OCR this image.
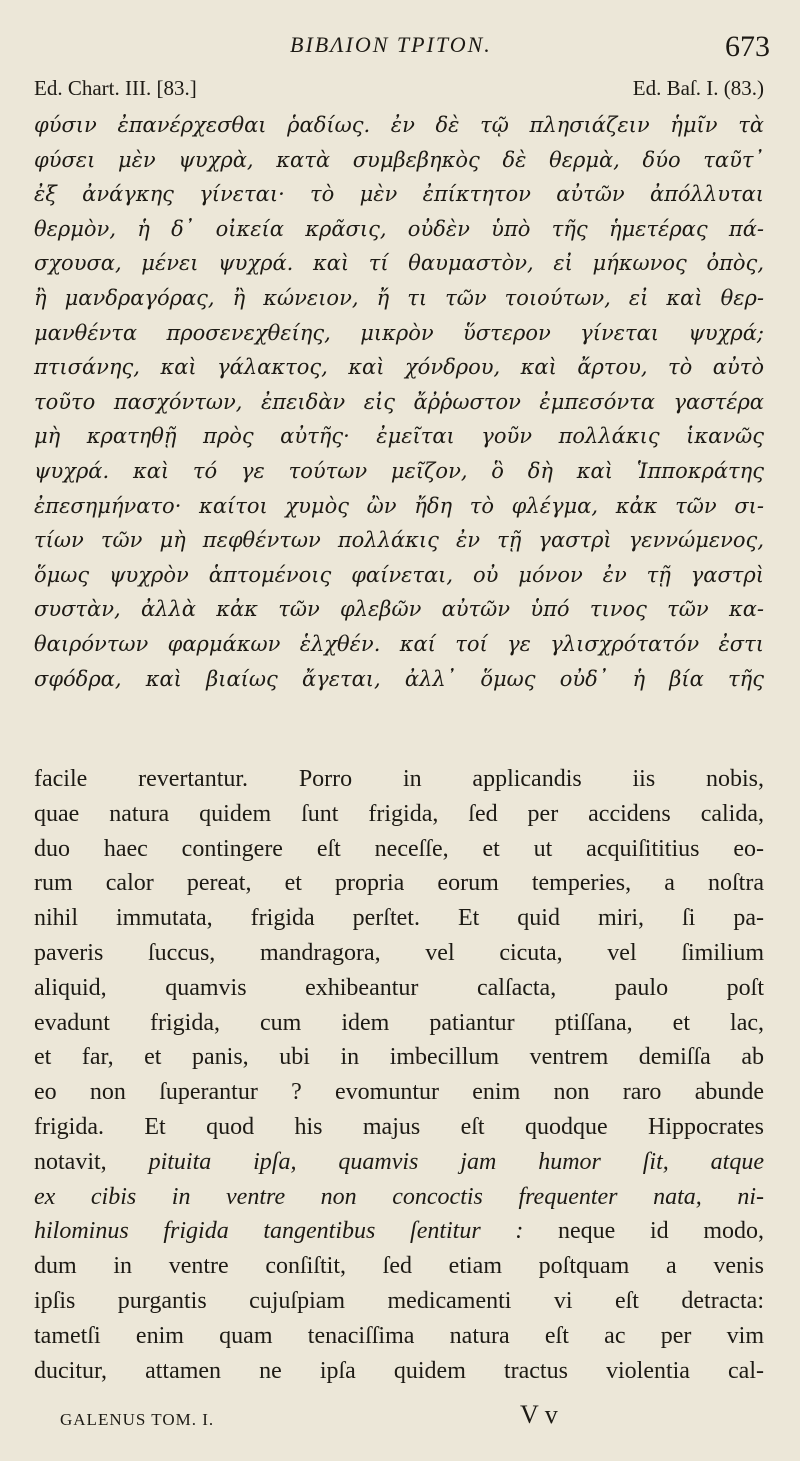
ΒΙΒΛΙΟΝ ΤΡΙΤΟΝ.	673
Ed. Chart. III. [83.]	Ed. Baſ. I. (83.)
φύσιν ἐπανέρχεσθαι ῥαδίως. ἐν δὲ τῷ πλησιάζειν ἡμῖν τὰ
φύσει μὲν ψυχρὰ, κατὰ συμβεβηκὸς δὲ θερμὰ, δύο ταῦτ᾽
ἐξ ἀνάγκης γίνεται· τὸ μὲν ἐπίκτητον αὐτῶν ἀπόλλυται
θερμὸν, ἡ δ᾽ οἰκεία κρᾶσις, οὐδὲν ὑπὸ τῆς ἡμετέρας πά-
σχουσα, μένει ψυχρά. καὶ τί θαυμαστὸν, εἰ μήκωνος ὀπὸς,
ἢ μανδραγόρας, ἢ κώνειον, ἤ τι τῶν τοιούτων, εἰ καὶ θερ-
μανθέντα προσενεχθείης, μικρὸν ὕστερον γίνεται ψυχρά;
πτισάνης, καὶ γάλακτος, καὶ χόνδρου, καὶ ἄρτου, τὸ αὐτὸ
τοῦτο πασχόντων, ἐπειδὰν εἰς ἄῤῥωστον ἐμπεσόντα γαστέρα
μὴ κρατηθῇ πρὸς αὐτῆς· ἐμεῖται γοῦν πολλάκις ἱκανῶς
ψυχρά. καὶ τό γε τούτων μεῖζον, ὃ δὴ καὶ Ἱπποκράτης
ἐπεσημήνατο· καίτοι χυμὸς ὢν ἤδη τὸ φλέγμα, κἀκ τῶν σι-
τίων τῶν μὴ πεφθέντων πολλάκις ἐν τῇ γαστρὶ γεννώμενος,
ὅμως ψυχρὸν ἁπτομένοις φαίνεται, οὐ μόνον ἐν τῇ γαστρὶ
συστὰν, ἀλλὰ κἀκ τῶν φλεβῶν αὐτῶν ὑπό τινος τῶν κα-
θαιρόντων φαρμάκων ἑλχθέν. καί τοί γε γλισχρότατόν ἐστι
σφόδρα, καὶ βιαίως ἄγεται, ἀλλ᾽ ὅμως οὐδ᾽ ἡ βία τῆς
facile revertantur. Porro in applicandis iis nobis,
quae natura quidem ſunt frigida, ſed per accidens calida,
duo haec contingere eſt neceſſe, et ut acquiſititius eo-
rum calor pereat, et propria eorum temperies, a noſtra
nihil immutata, frigida perſtet. Et quid miri, ſi pa-
paveris ſuccus, mandragora, vel cicuta, vel ſimilium
aliquid, quamvis exhibeantur calſacta, paulo poſt
evadunt frigida, cum idem patiantur ptiſſana, et lac,
et far, et panis, ubi in imbecillum ventrem demiſſa ab
eo non ſuperantur ? evomuntur enim non raro abunde
frigida. Et quod his majus eſt quodque Hippocrates
notavit, pituita ipſa, quamvis jam humor ſit, atque
ex cibis in ventre non concoctis frequenter nata, ni-
hilominus frigida tangentibus ſentitur : neque id modo,
dum in ventre conſiſtit, ſed etiam poſtquam a venis
ipſis purgantis cujuſpiam medicamenti vi eſt detracta:
tametſi enim quam tenaciſſima natura eſt ac per vim
ducitur, attamen ne ipſa quidem tractus violentia cal-
GALENUS TOM. I.	V v
